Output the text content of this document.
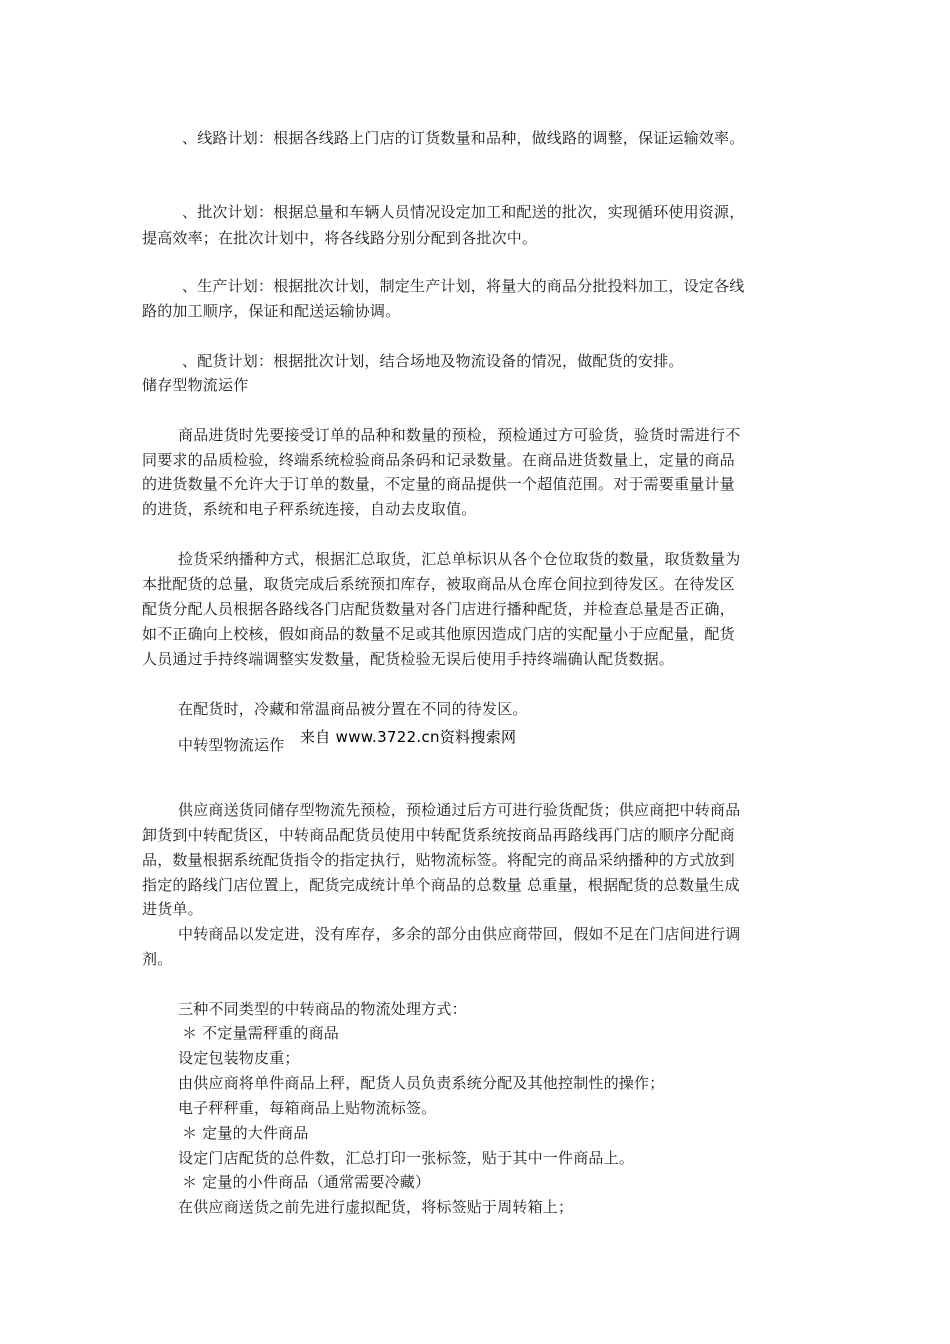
、线路计划：根据各线路上门店的订货数量和品种，做线路的调整，保证运输效率。
、批次计划：根据总量和车辆人员情况设定加工和配送的批次，实现循环使用资源，
提高效率；在批次计划中，将各线路分别分配到各批次中。
、生产计划：根据批次计划，制定生产计划，将量大的商品分批投料加工，设定各线
路的加工顺序，保证和配送运输协调。
、配货计划：根据批次计划，结合场地及物流设备的情况，做配货的安排。
储存型物流运作
商品进货时先要接受订单的品种和数量的预检，预检通过方可验货，验货时需进行不
同要求的品质检验，终端系统检验商品条码和记录数量。在商品进货数量上，定量的商品
的进货数量不允许大于订单的数量，不定量的商品提供一个超值范围。对于需要重量计量
的进货，系统和电子秤系统连接，自动去皮取值。
捡货采纳播种方式，根据汇总取货，汇总单标识从各个仓位取货的数量，取货数量为
本批配货的总量，取货完成后系统预扣库存，被取商品从仓库仓间拉到待发区。在待发区
配货分配人员根据各路线各门店配货数量对各门店进行播种配货，并检查总量是否正确，
如不正确向上校核，假如商品的数量不足或其他原因造成门店的实配量小于应配量，配货
人员通过手持终端调整实发数量，配货检验无误后使用手持终端确认配货数据。
在配货时，冷藏和常温商品被分置在不同的待发区。
中转型物流运作 来自 www.3722.cn资料搜索网
供应商送货同储存型物流先预检，预检通过后方可进行验货配货；供应商把中转商品
卸货到中转配货区，中转商品配货员使用中转配货系统按商品再路线再门店的顺序分配商
品，数量根据系统配货指令的指定执行，贴物流标签。将配完的商品采纳播种的方式放到
指定的路线门店位置上，配货完成统计单个商品的总数量 总重量，根据配货的总数量生成
进货单。
中转商品以发定进，没有库存，多余的部分由供应商带回，假如不足在门店间进行调
剂。
三种不同类型的中转商品的物流处理方式：
＊ 不定量需秤重的商品
设定包装物皮重；
由供应商将单件商品上秤，配货人员负责系统分配及其他控制性的操作；
电子秤秤重，每箱商品上贴物流标签。
＊ 定量的大件商品
设定门店配货的总件数，汇总打印一张标签，贴于其中一件商品上。
＊ 定量的小件商品（通常需要冷藏）
在供应商送货之前先进行虚拟配货，将标签贴于周转箱上；
